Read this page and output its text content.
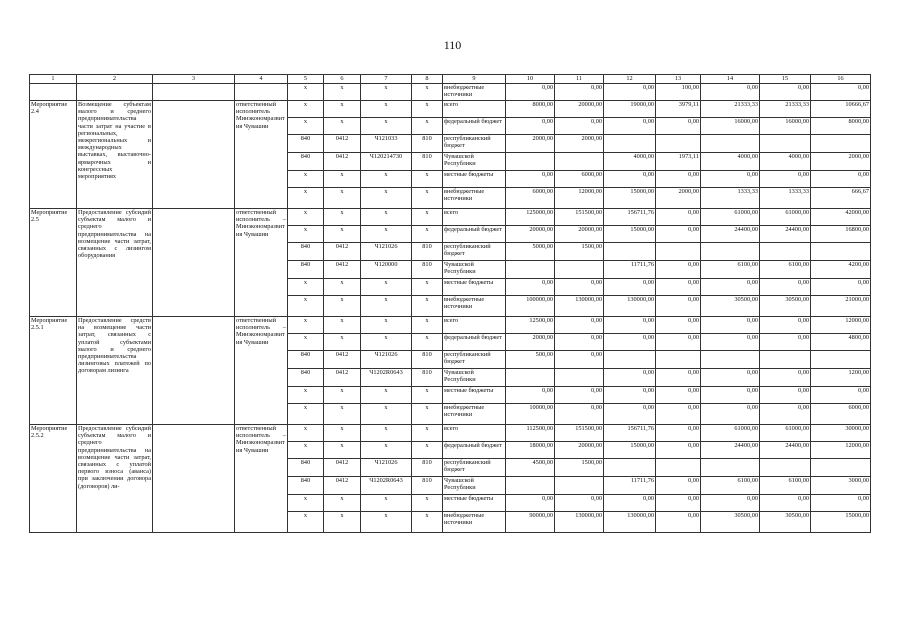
110
1	2	3	4	5	6	7	8	9	10	11	12	13	14	15	16
				x	x	x	x	внебюджетные источники	0,00	0,00	0,00	100,00	0,00	0,00	0,00
Мероприятие 2.4	Возмещение субъектам малого и среднего предпринимательства части затрат на участие в региональных, межрегиональных и международных выставках, выставочно-ярмарочных и конгрессных мероприятиях		ответственный исполнитель Минэкономразвития Чувашии	x	x	x	x	всего	8000,00	20000,00	19000,00	3979,11	21333,33	21333,33	10666,67
				x	x	x	x	федеральный бюджет	0,00	0,00	0,00	0,00	16000,00	16000,00	8000,00
				840	0412	Ч121033	810	республиканский бюджет	2000,00	2000,00					
				840	0412	Ч120214730	810	Чувашской Республики			4000,00	1973,11	4000,00	4000,00	2000,00
				x	x	x	x	местные бюджеты	0,00	6000,00	0,00	0,00	0,00	0,00	0,00
				x	x	x	x	внебюджетные источники	6000,00	12000,00	15000,00	2000,00	1333,33	1333,33	666,67
Мероприятие 2.5	Предоставление субсидий субъектам малого и среднего предпринимательства на возмещение части затрат, связанных с лизингом оборудования		ответственный исполнитель – Минэкономразвития Чувашии	x	x	x	x	всего	125000,00	151500,00	156711,76	0,00	61000,00	61000,00	42000,00
				x	x	x	x	федеральный бюджет	20000,00	20000,00	15000,00	0,00	24400,00	24400,00	16800,00
				840	0412	Ч121026	810	республиканский бюджет	5000,00	1500,00					
				840	0412	Ч120000	810	Чувашской Республики			11711,76	0,00	6100,00	6100,00	4200,00
				x	x	x	x	местные бюджеты	0,00	0,00	0,00	0,00	0,00	0,00	0,00
				x	x	x	x	внебюджетные источники	100000,00	130000,00	130000,00	0,00	30500,00	30500,00	21000,00
Мероприятие 2.5.1	Предоставление средств на возмещение части затрат, связанных с уплатой субъектами малого и среднего предпринимательства лизинговых платежей по договорам лизинга		ответственный исполнитель – Минэкономразвития Чувашии	x	x	x	x	всего	12500,00	0,00	0,00	0,00	0,00	0,00	12000,00
				x	x	x	x	федеральный бюджет	2000,00	0,00	0,00	0,00	0,00	0,00	4800,00
				840	0412	Ч121026	810	республиканский бюджет	500,00	0,00					
				840	0412	Ч1202R0643	810	Чувашской Республики			0,00	0,00	0,00	0,00	1200,00
				x	x	x	x	местные бюджеты	0,00	0,00	0,00	0,00	0,00	0,00	0,00
				x	x	x	x	внебюджетные источники	10000,00	0,00	0,00	0,00	0,00	0,00	6000,00
Мероприятие 2.5.2	Предоставление субсидий субъектам малого и среднего предпринимательства на возмещение части затрат, связанных с уплатой первого взноса (аванса) при заключении договора (договоров) ли-		ответственный исполнитель – Минэкономразвития Чувашии	x	x	x	x	всего	112500,00	151500,00	156711,76	0,00	61000,00	61000,00	30000,00
				x	x	x	x	федеральный бюджет	18000,00	20000,00	15000,00	0,00	24400,00	24400,00	12000,00
				840	0412	Ч121026	810	республиканский бюджет	4500,00	1500,00					
				840	0412	Ч1202R0643	810	Чувашской Республики			11711,76	0,00	6100,00	6100,00	3000,00
				x	x	x	x	местные бюджеты	0,00	0,00	0,00	0,00	0,00	0,00	0,00
				x	x	x	x	внебюджетные источники	90000,00	130000,00	130000,00	0,00	30500,00	30500,00	15000,00
